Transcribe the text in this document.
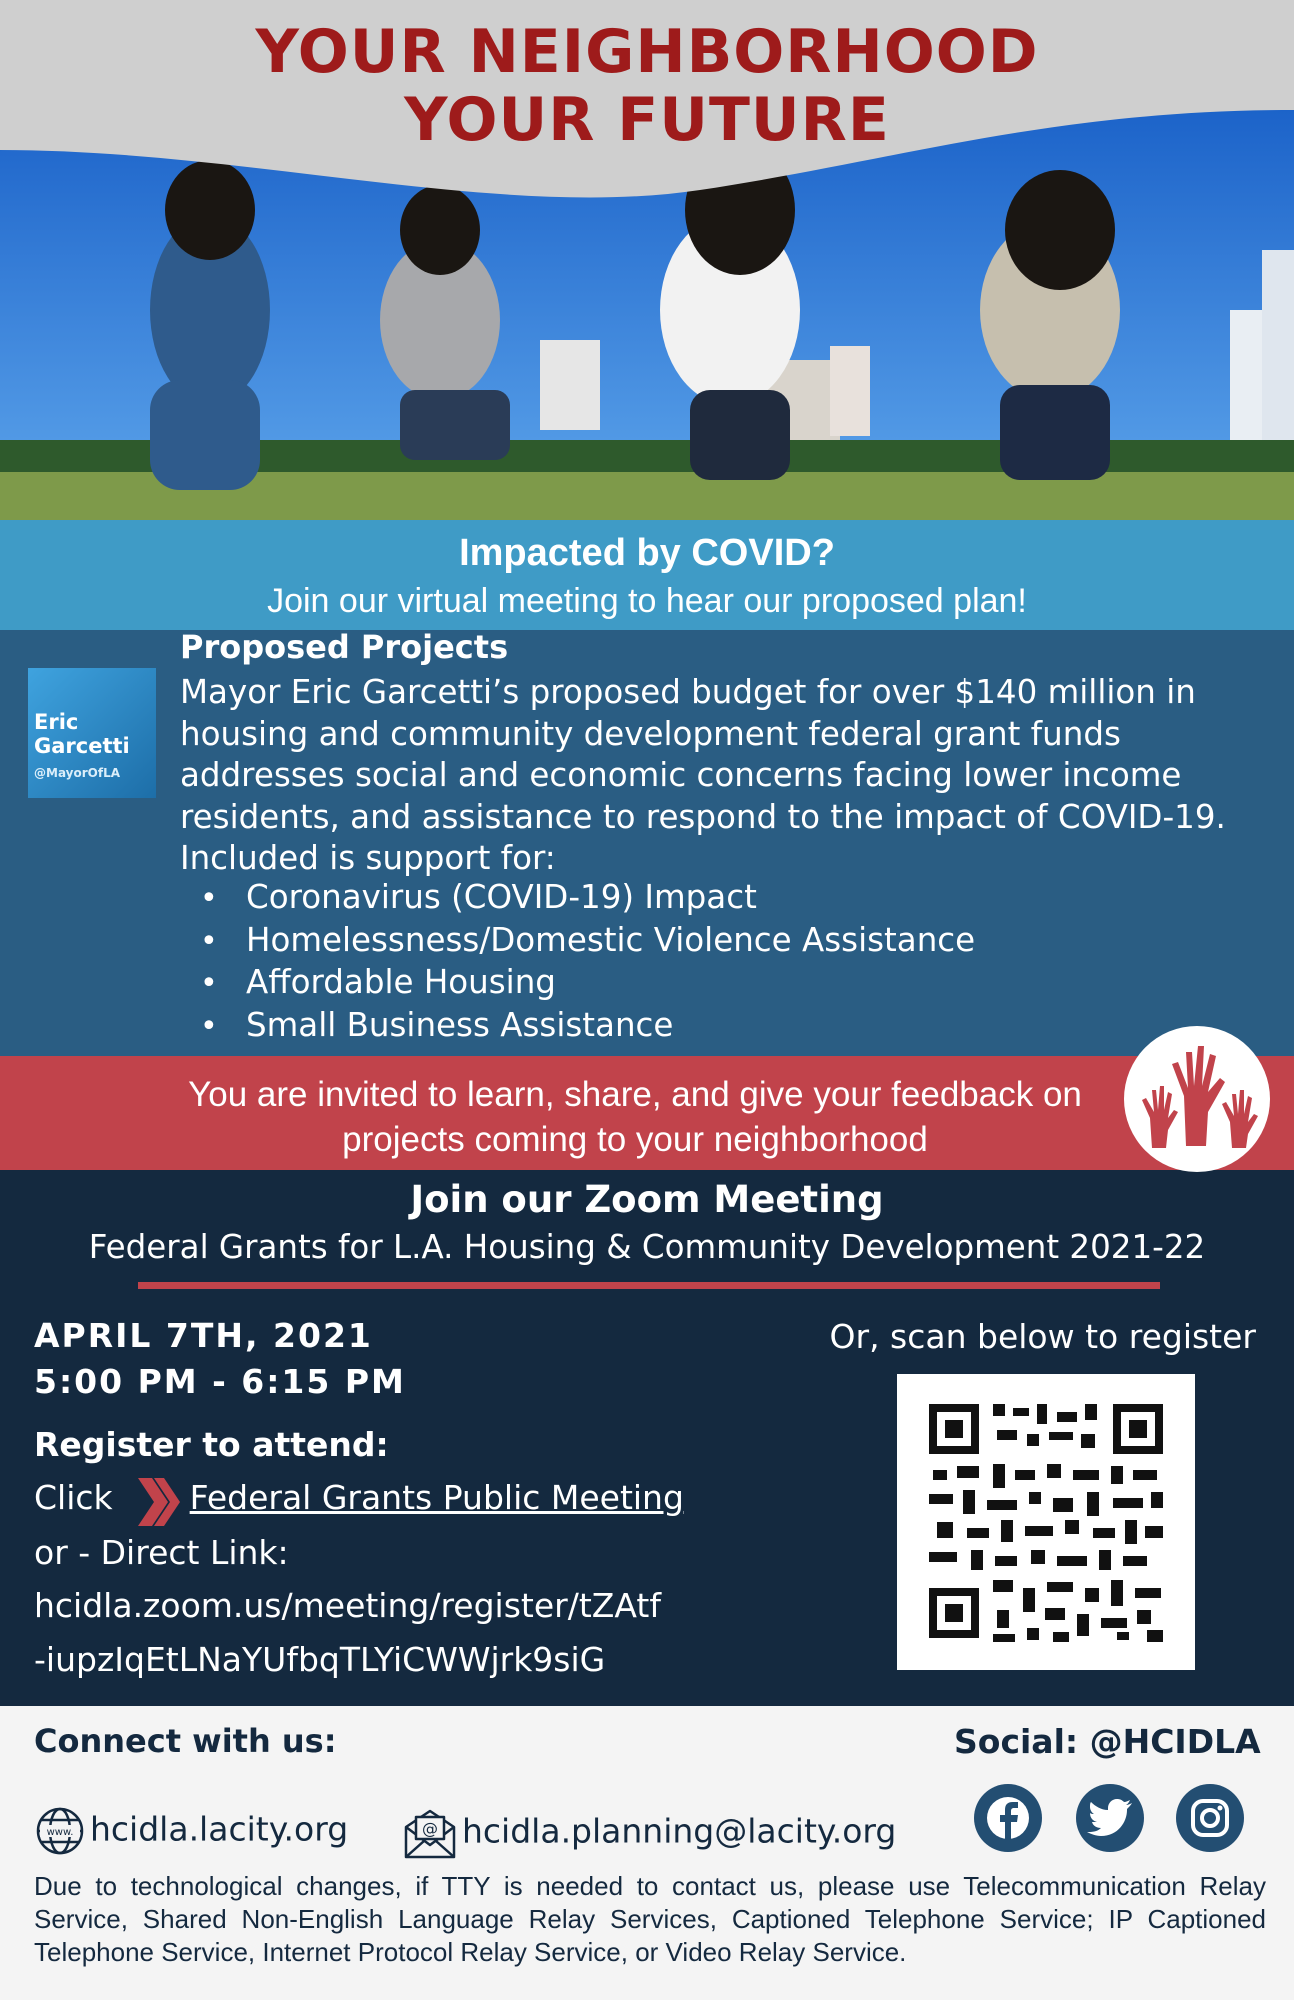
YOUR NEIGHBORHOOD
YOUR FUTURE
Impacted by COVID?
Join our virtual meeting to hear our proposed plan!
Eric
Garcetti
@MayorOfLA
Proposed Projects
Mayor Eric Garcetti’s proposed budget for over $140 million in housing and community development federal grant funds addresses social and economic concerns facing lower income residents, and assistance to respond to the impact of COVID-19. Included is support for:
• Coronavirus (COVID-19) Impact
• Homelessness/Domestic Violence Assistance
• Affordable Housing
• Small Business Assistance
You are invited to learn, share, and give your feedback on
projects coming to your neighborhood
Join our Zoom Meeting
Federal Grants for L.A. Housing & Community Development 2021-22
APRIL 7TH, 2021
5:00 PM - 6:15 PM
Register to attend:
Click Federal Grants Public Meeting
or - Direct Link:
hcidla.zoom.us/meeting/register/tZAtf
-iupzIqEtLNaYUfbqTLYiCWWjrk9siG
Or, scan below to register
Connect with us:	Social: @HCIDLA
www. hcidla.lacity.org	@ hcidla.planning@lacity.org
Due to technological changes, if TTY is needed to contact us, please use Telecommunication Relay Service, Shared Non-English Language Relay Services, Captioned Telephone Service; IP Captioned Telephone Service, Internet Protocol Relay Service, or Video Relay Service.
